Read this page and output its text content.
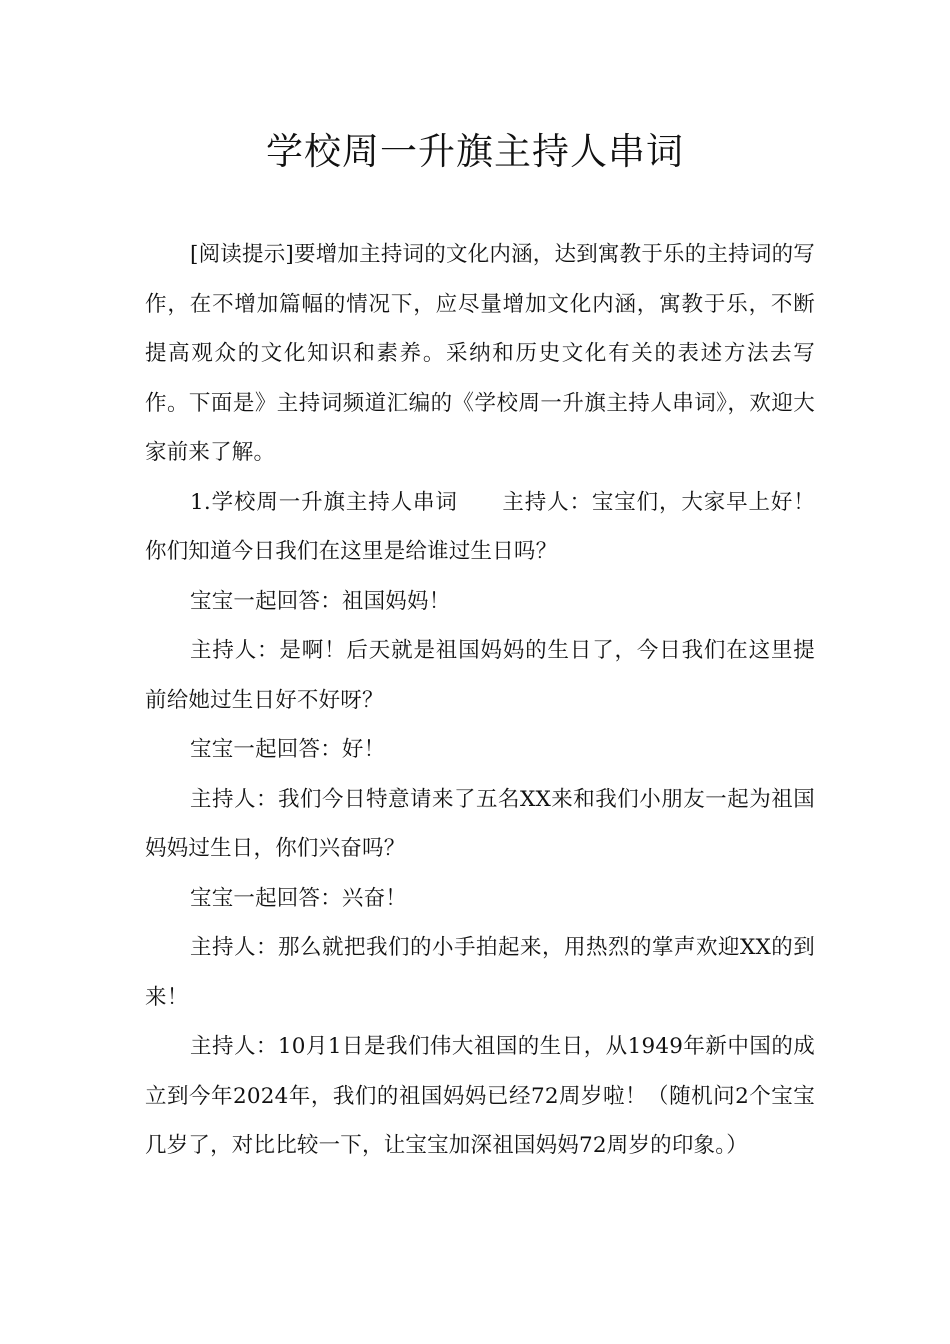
学校周一升旗主持人串词

[阅读提示]要增加主持词的文化内涵，达到寓教于乐的主持词的写作，在不增加篇幅的情况下，应尽量增加文化内涵，寓教于乐，不断提高观众的文化知识和素养。采纳和历史文化有关的表述方法去写作。下面是》主持词频道汇编的《学校周一升旗主持人串词》，欢迎大家前来了解。

1.学校周一升旗主持人串词　　主持人：宝宝们，大家早上好！你们知道今日我们在这里是给谁过生日吗？

宝宝一起回答：祖国妈妈！

主持人：是啊！后天就是祖国妈妈的生日了，今日我们在这里提前给她过生日好不好呀？

宝宝一起回答：好！

主持人：我们今日特意请来了五名XX来和我们小朋友一起为祖国妈妈过生日，你们兴奋吗？

宝宝一起回答：兴奋！

主持人：那么就把我们的小手拍起来，用热烈的掌声欢迎XX的到来！

主持人：10月1日是我们伟大祖国的生日，从1949年新中国的成立到今年2024年，我们的祖国妈妈已经72周岁啦！（随机问2个宝宝几岁了，对比比较一下，让宝宝加深祖国妈妈72周岁的印象。）
